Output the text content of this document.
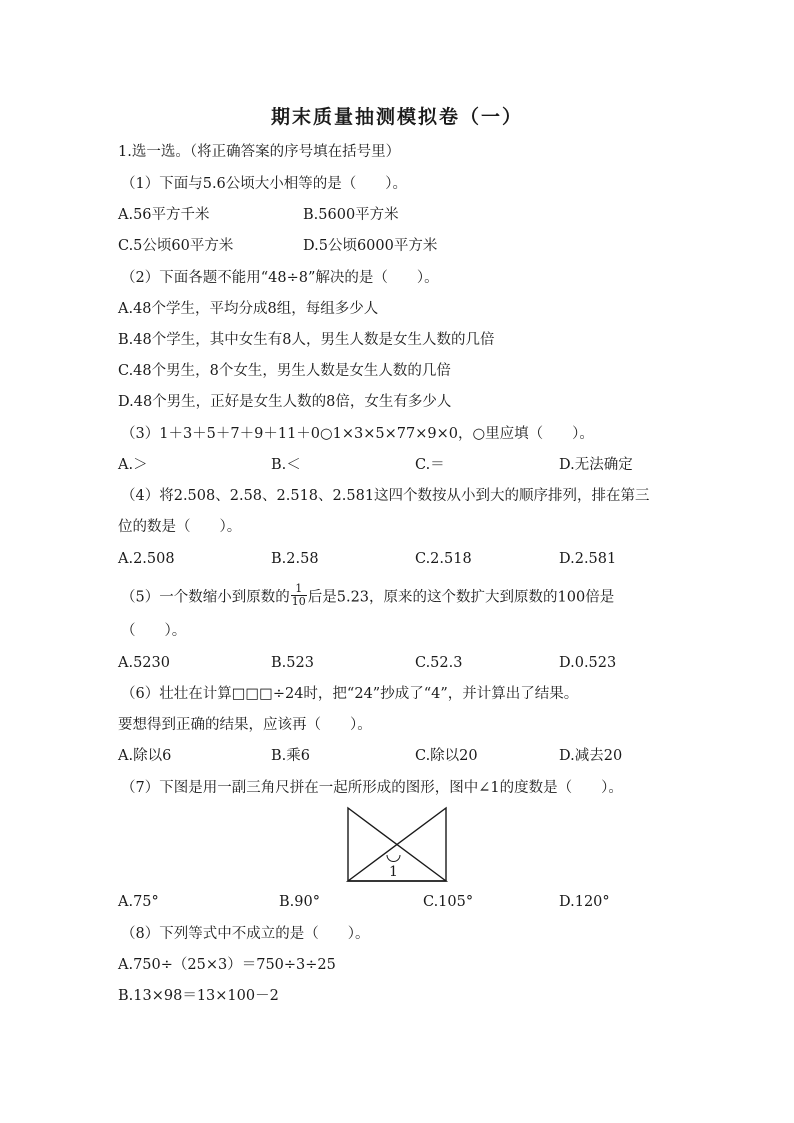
期末质量抽测模拟卷（一）
1.选一选。（将正确答案的序号填在括号里）
（1）下面与5.6公顷大小相等的是（　　）。
A.56平方千米	B.5600平方米
C.5公顷60平方米	D.5公顷6000平方米
（2）下面各题不能用“48÷8”解决的是（　　）。
A.48个学生，平均分成8组，每组多少人
B.48个学生，其中女生有8人，男生人数是女生人数的几倍
C.48个男生，8个女生，男生人数是女生人数的几倍
D.48个男生，正好是女生人数的8倍，女生有多少人
（3）1＋3＋5＋7＋9＋11＋0○1×3×5×77×9×0，○里应填（　　）。
A.＞	B.＜	C.＝	D.无法确定
（4）将2.508、2.58、2.518、2.581这四个数按从小到大的顺序排列，排在第三
位的数是（　　）。
A.2.508	B.2.58	C.2.518	D.2.581
（5）一个数缩小到原数的 $\frac{1}{10}$ 后是5.23，原来的这个数扩大到原数的100倍是
（　　）。
A.5230	B.523	C.52.3	D.0.523
（6）壮壮在计算□□□÷24时，把“24”抄成了“4”，并计算出了结果。
要想得到正确的结果，应该再（　　）。
A.除以6	B.乘6	C.除以20	D.减去20
（7）下图是用一副三角尺拼在一起所形成的图形，图中∠1的度数是（　　）。
1
A.75°	B.90°	C.105°	D.120°
（8）下列等式中不成立的是（　　）。
A.750÷（25×3）＝750÷3÷25
B.13×98＝13×100－2
